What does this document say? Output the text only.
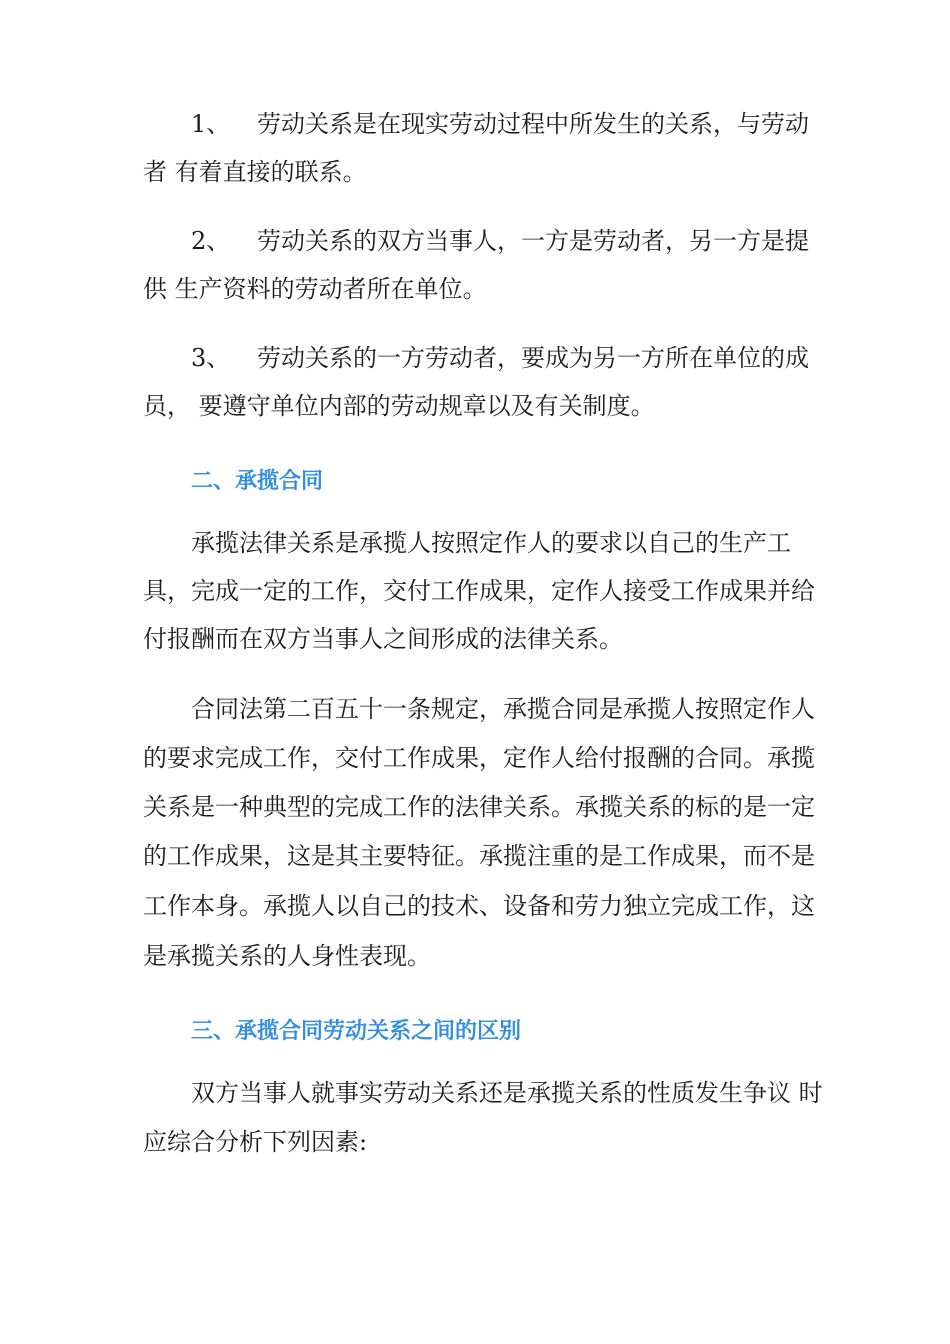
1、 劳动关系是在现实劳动过程中所发生的关系，与劳动
者 有着直接的联系。
2、 劳动关系的双方当事人，一方是劳动者，另一方是提
供 生产资料的劳动者所在单位。
3、 劳动关系的一方劳动者，要成为另一方所在单位的成
员， 要遵守单位内部的劳动规章以及有关制度。
二、承揽合同
承揽法律关系是承揽人按照定作人的要求以自己的生产工
具，完成一定的工作，交付工作成果，定作人接受工作成果并给
付报酬而在双方当事人之间形成的法律关系。
合同法第二百五十一条规定，承揽合同是承揽人按照定作人
的要求完成工作，交付工作成果，定作人给付报酬的合同。承揽
关系是一种典型的完成工作的法律关系。承揽关系的标的是一定
的工作成果，这是其主要特征。承揽注重的是工作成果，而不是
工作本身。承揽人以自己的技术、设备和劳力独立完成工作，这
是承揽关系的人身性表现。
三、承揽合同劳动关系之间的区别
双方当事人就事实劳动关系还是承揽关系的性质发生争议 时
应综合分析下列因素:
